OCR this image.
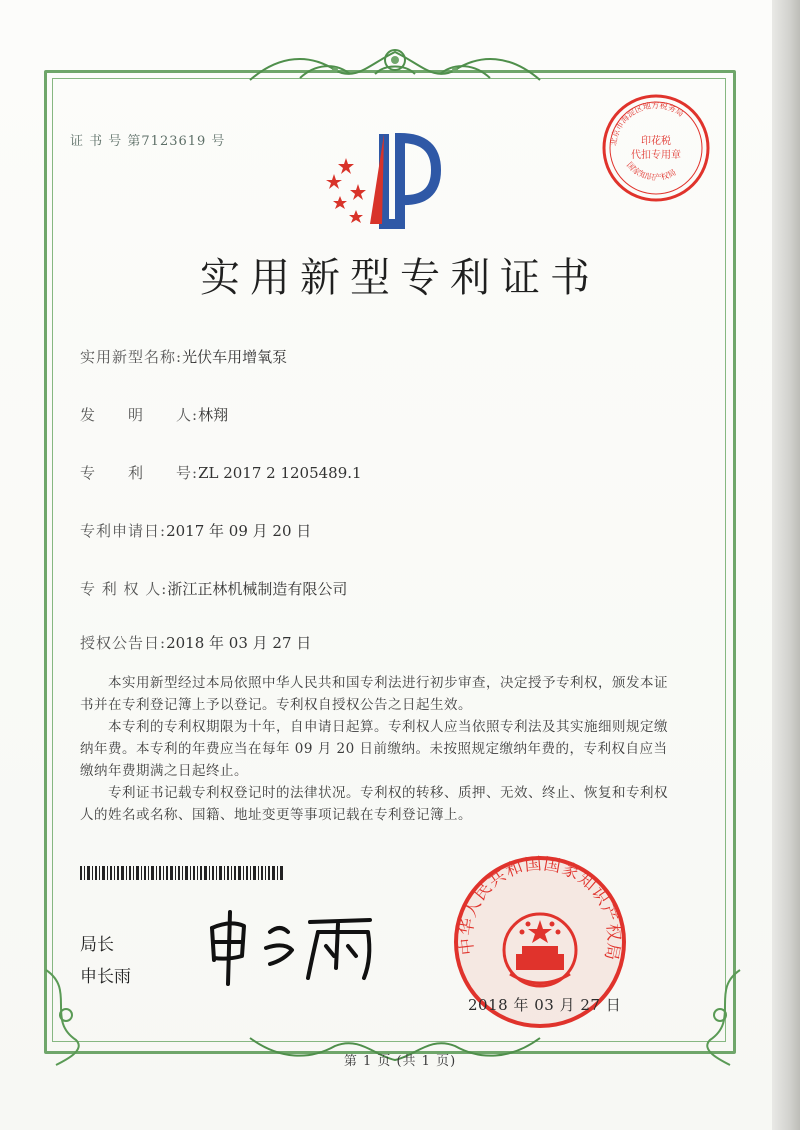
证 书 号 第7123619 号	北京市海淀区地方税务局
印花税
代扣专用章
国家知识产权局
实用新型专利证书
实用新型名称:光伏车用增氧泵
发　　明　　人:林翔
专　　利　　号:ZL 2017 2 1205489.1
专利申请日:2017 年 09 月 20 日
专 利 权 人:浙江正林机械制造有限公司
授权公告日:2018 年 03 月 27 日

本实用新型经过本局依照中华人民共和国专利法进行初步审查，决定授予专利权，颁发本证书并在专利登记簿上予以登记。专利权自授权公告之日起生效。

本专利的专利权期限为十年，自申请日起算。专利权人应当依照专利法及其实施细则规定缴纳年费。本专利的年费应当在每年 09 月 20 日前缴纳。未按照规定缴纳年费的，专利权自应当缴纳年费期满之日起终止。

专利证书记载专利权登记时的法律状况。专利权的转移、质押、无效、终止、恢复和专利权人的姓名或名称、国籍、地址变更等事项记载在专利登记簿上。

局长
申长雨
中华人民共和国国家知识产权局
2018 年 03 月 27 日
第 1 页 (共 1 页)
